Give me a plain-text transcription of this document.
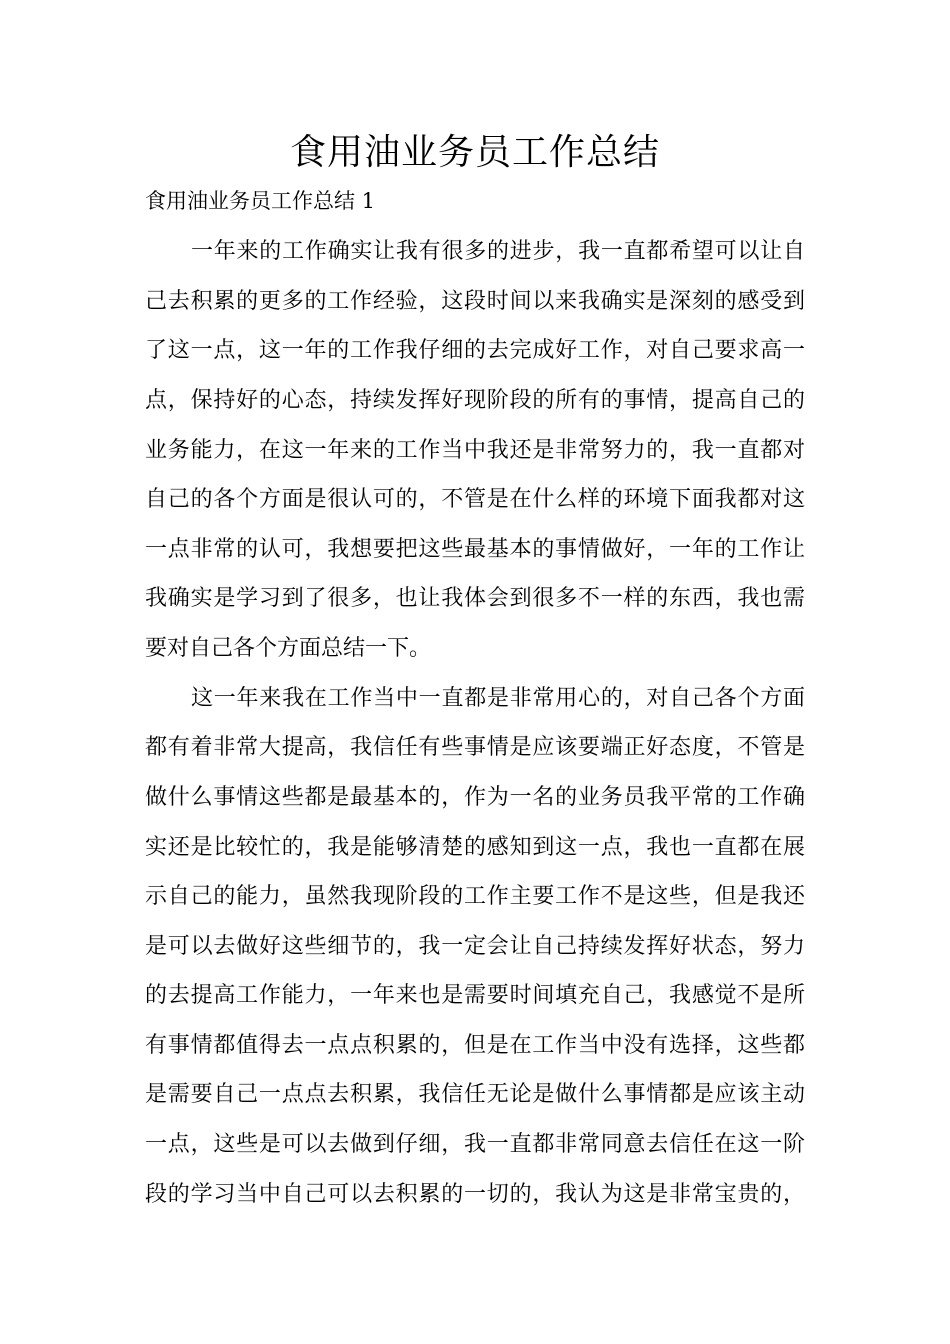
食用油业务员工作总结
食用油业务员工作总结 1
一年来的工作确实让我有很多的进步，我一直都希望可以让自
己去积累的更多的工作经验，这段时间以来我确实是深刻的感受到
了这一点，这一年的工作我仔细的去完成好工作，对自己要求高一
点，保持好的心态，持续发挥好现阶段的所有的事情，提高自己的
业务能力，在这一年来的工作当中我还是非常努力的，我一直都对
自己的各个方面是很认可的，不管是在什么样的环境下面我都对这
一点非常的认可，我想要把这些最基本的事情做好，一年的工作让
我确实是学习到了很多，也让我体会到很多不一样的东西，我也需
要对自己各个方面总结一下。
这一年来我在工作当中一直都是非常用心的，对自己各个方面
都有着非常大提高，我信任有些事情是应该要端正好态度，不管是
做什么事情这些都是最基本的，作为一名的业务员我平常的工作确
实还是比较忙的，我是能够清楚的感知到这一点，我也一直都在展
示自己的能力，虽然我现阶段的工作主要工作不是这些，但是我还
是可以去做好这些细节的，我一定会让自己持续发挥好状态，努力
的去提高工作能力，一年来也是需要时间填充自己，我感觉不是所
有事情都值得去一点点积累的，但是在工作当中没有选择，这些都
是需要自己一点点去积累，我信任无论是做什么事情都是应该主动
一点，这些是可以去做到仔细，我一直都非常同意去信任在这一阶
段的学习当中自己可以去积累的一切的，我认为这是非常宝贵的，
